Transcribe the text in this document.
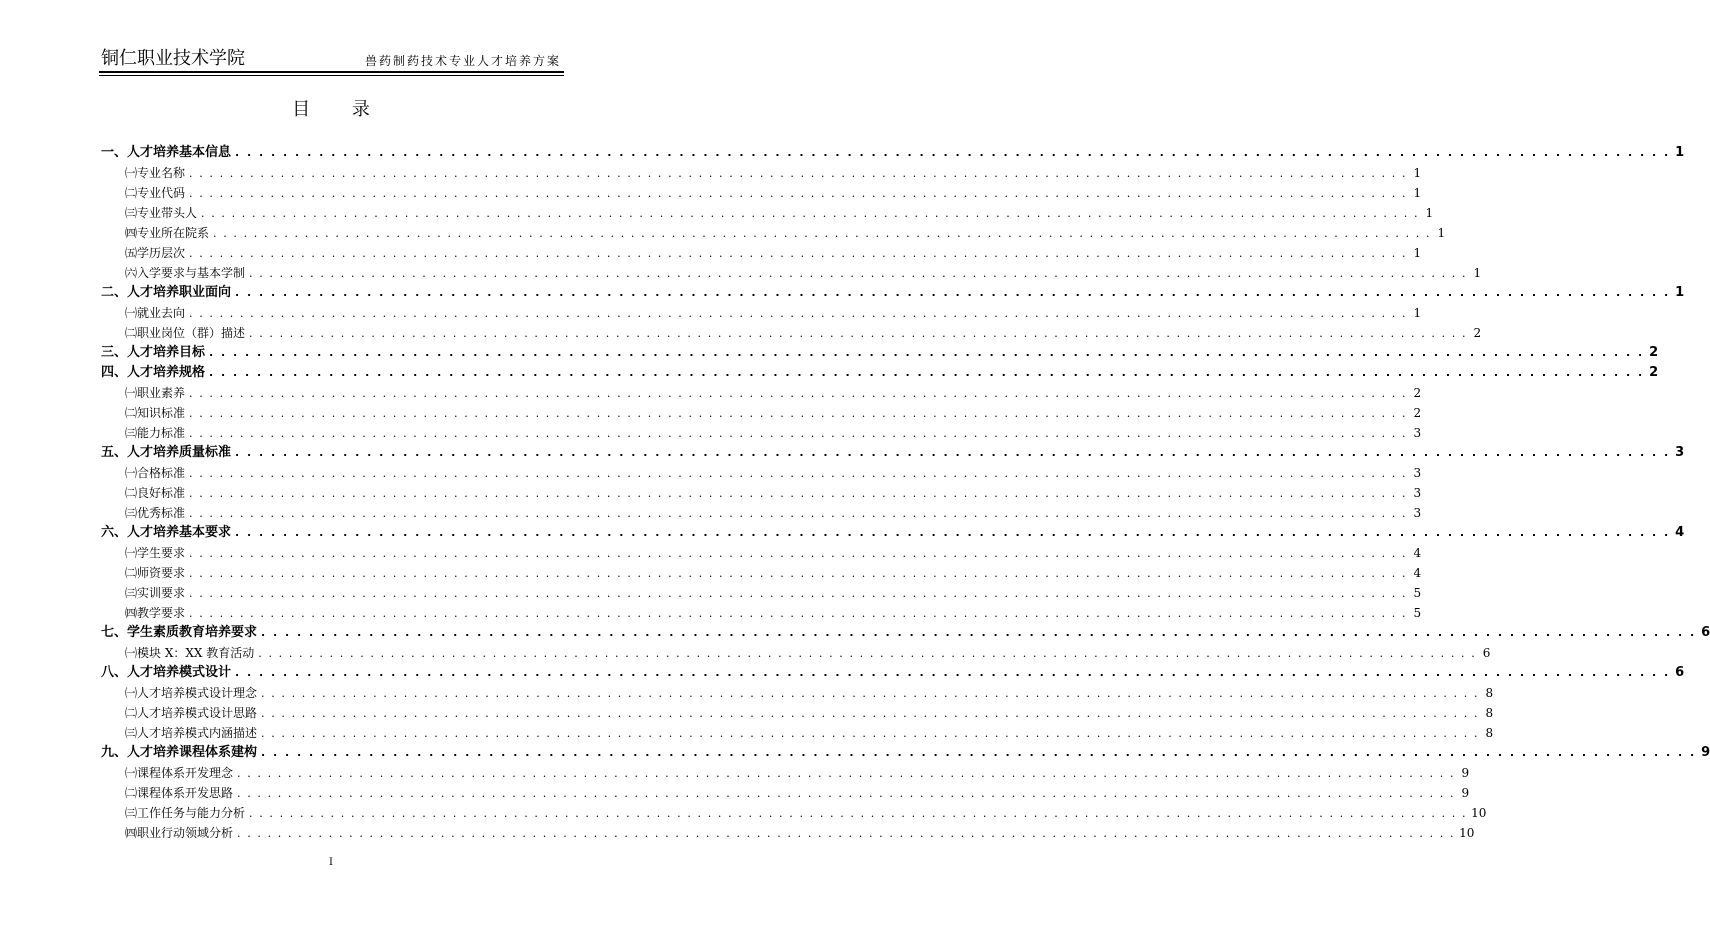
铜仁职业技术学院	兽药制药技术专业人才培养方案
目 录
一、人才培养基本信息 . . . . . . . . . . . . . . . . . . . . . . . . . . . . . . . . . . . . . . . . . . . . . . . . . . . . . . . . . . . . . . . . . . . . . . . . . . . . . . . . . . . . . . . . . . . . . . . . . . . . . . . . . . . . . . . . . . . . . . . . 1
㈠专业名称 . . . . . . . . . . . . . . . . . . . . . . . . . . . . . . . . . . . . . . . . . . . . . . . . . . . . . . . . . . . . . . . . . . . . . . . . . . . . . . . . . . . . . . . . . . . . . . . . . . . . . . . . . . . . . . . . . . . . . . . . 1
㈡专业代码 . . . . . . . . . . . . . . . . . . . . . . . . . . . . . . . . . . . . . . . . . . . . . . . . . . . . . . . . . . . . . . . . . . . . . . . . . . . . . . . . . . . . . . . . . . . . . . . . . . . . . . . . . . . . . . . . . . . . . . . . 1
㈢专业带头人 . . . . . . . . . . . . . . . . . . . . . . . . . . . . . . . . . . . . . . . . . . . . . . . . . . . . . . . . . . . . . . . . . . . . . . . . . . . . . . . . . . . . . . . . . . . . . . . . . . . . . . . . . . . . . . . . . . . . . . . . 1
㈣专业所在院系 . . . . . . . . . . . . . . . . . . . . . . . . . . . . . . . . . . . . . . . . . . . . . . . . . . . . . . . . . . . . . . . . . . . . . . . . . . . . . . . . . . . . . . . . . . . . . . . . . . . . . . . . . . . . . . . . . . . . . . . . 1
㈤学历层次 . . . . . . . . . . . . . . . . . . . . . . . . . . . . . . . . . . . . . . . . . . . . . . . . . . . . . . . . . . . . . . . . . . . . . . . . . . . . . . . . . . . . . . . . . . . . . . . . . . . . . . . . . . . . . . . . . . . . . . . . 1
㈥入学要求与基本学制 . . . . . . . . . . . . . . . . . . . . . . . . . . . . . . . . . . . . . . . . . . . . . . . . . . . . . . . . . . . . . . . . . . . . . . . . . . . . . . . . . . . . . . . . . . . . . . . . . . . . . . . . . . . . . . . . . . . . . . . . 1
二、人才培养职业面向 . . . . . . . . . . . . . . . . . . . . . . . . . . . . . . . . . . . . . . . . . . . . . . . . . . . . . . . . . . . . . . . . . . . . . . . . . . . . . . . . . . . . . . . . . . . . . . . . . . . . . . . . . . . . . . . . . . . . . . . . 1
㈠就业去向 . . . . . . . . . . . . . . . . . . . . . . . . . . . . . . . . . . . . . . . . . . . . . . . . . . . . . . . . . . . . . . . . . . . . . . . . . . . . . . . . . . . . . . . . . . . . . . . . . . . . . . . . . . . . . . . . . . . . . . . . 1
㈡职业岗位（群）描述 . . . . . . . . . . . . . . . . . . . . . . . . . . . . . . . . . . . . . . . . . . . . . . . . . . . . . . . . . . . . . . . . . . . . . . . . . . . . . . . . . . . . . . . . . . . . . . . . . . . . . . . . . . . . . . . . . . . . . . . . 2
三、人才培养目标 . . . . . . . . . . . . . . . . . . . . . . . . . . . . . . . . . . . . . . . . . . . . . . . . . . . . . . . . . . . . . . . . . . . . . . . . . . . . . . . . . . . . . . . . . . . . . . . . . . . . . . . . . . . . . . . . . . . . . . . . 2
四、人才培养规格 . . . . . . . . . . . . . . . . . . . . . . . . . . . . . . . . . . . . . . . . . . . . . . . . . . . . . . . . . . . . . . . . . . . . . . . . . . . . . . . . . . . . . . . . . . . . . . . . . . . . . . . . . . . . . . . . . . . . . . . . 2
㈠职业素养 . . . . . . . . . . . . . . . . . . . . . . . . . . . . . . . . . . . . . . . . . . . . . . . . . . . . . . . . . . . . . . . . . . . . . . . . . . . . . . . . . . . . . . . . . . . . . . . . . . . . . . . . . . . . . . . . . . . . . . . . 2
㈡知识标准 . . . . . . . . . . . . . . . . . . . . . . . . . . . . . . . . . . . . . . . . . . . . . . . . . . . . . . . . . . . . . . . . . . . . . . . . . . . . . . . . . . . . . . . . . . . . . . . . . . . . . . . . . . . . . . . . . . . . . . . . 2
㈢能力标准 . . . . . . . . . . . . . . . . . . . . . . . . . . . . . . . . . . . . . . . . . . . . . . . . . . . . . . . . . . . . . . . . . . . . . . . . . . . . . . . . . . . . . . . . . . . . . . . . . . . . . . . . . . . . . . . . . . . . . . . . 3
五、人才培养质量标准 . . . . . . . . . . . . . . . . . . . . . . . . . . . . . . . . . . . . . . . . . . . . . . . . . . . . . . . . . . . . . . . . . . . . . . . . . . . . . . . . . . . . . . . . . . . . . . . . . . . . . . . . . . . . . . . . . . . . . . . . 3
㈠合格标准 . . . . . . . . . . . . . . . . . . . . . . . . . . . . . . . . . . . . . . . . . . . . . . . . . . . . . . . . . . . . . . . . . . . . . . . . . . . . . . . . . . . . . . . . . . . . . . . . . . . . . . . . . . . . . . . . . . . . . . . . 3
㈡良好标准 . . . . . . . . . . . . . . . . . . . . . . . . . . . . . . . . . . . . . . . . . . . . . . . . . . . . . . . . . . . . . . . . . . . . . . . . . . . . . . . . . . . . . . . . . . . . . . . . . . . . . . . . . . . . . . . . . . . . . . . . 3
㈢优秀标准 . . . . . . . . . . . . . . . . . . . . . . . . . . . . . . . . . . . . . . . . . . . . . . . . . . . . . . . . . . . . . . . . . . . . . . . . . . . . . . . . . . . . . . . . . . . . . . . . . . . . . . . . . . . . . . . . . . . . . . . . 3
六、人才培养基本要求 . . . . . . . . . . . . . . . . . . . . . . . . . . . . . . . . . . . . . . . . . . . . . . . . . . . . . . . . . . . . . . . . . . . . . . . . . . . . . . . . . . . . . . . . . . . . . . . . . . . . . . . . . . . . . . . . . . . . . . . . 4
㈠学生要求 . . . . . . . . . . . . . . . . . . . . . . . . . . . . . . . . . . . . . . . . . . . . . . . . . . . . . . . . . . . . . . . . . . . . . . . . . . . . . . . . . . . . . . . . . . . . . . . . . . . . . . . . . . . . . . . . . . . . . . . . 4
㈡师资要求 . . . . . . . . . . . . . . . . . . . . . . . . . . . . . . . . . . . . . . . . . . . . . . . . . . . . . . . . . . . . . . . . . . . . . . . . . . . . . . . . . . . . . . . . . . . . . . . . . . . . . . . . . . . . . . . . . . . . . . . . 4
㈢实训要求 . . . . . . . . . . . . . . . . . . . . . . . . . . . . . . . . . . . . . . . . . . . . . . . . . . . . . . . . . . . . . . . . . . . . . . . . . . . . . . . . . . . . . . . . . . . . . . . . . . . . . . . . . . . . . . . . . . . . . . . . 5
㈣教学要求 . . . . . . . . . . . . . . . . . . . . . . . . . . . . . . . . . . . . . . . . . . . . . . . . . . . . . . . . . . . . . . . . . . . . . . . . . . . . . . . . . . . . . . . . . . . . . . . . . . . . . . . . . . . . . . . . . . . . . . . . 5
七、学生素质教育培养要求 . . . . . . . . . . . . . . . . . . . . . . . . . . . . . . . . . . . . . . . . . . . . . . . . . . . . . . . . . . . . . . . . . . . . . . . . . . . . . . . . . . . . . . . . . . . . . . . . . . . . . . . . . . . . . . . . . . . . . . . . 6
㈠模块 X：XX 教育活动 . . . . . . . . . . . . . . . . . . . . . . . . . . . . . . . . . . . . . . . . . . . . . . . . . . . . . . . . . . . . . . . . . . . . . . . . . . . . . . . . . . . . . . . . . . . . . . . . . . . . . . . . . . . . . . . . . . . . . . . . 6
八、人才培养模式设计 . . . . . . . . . . . . . . . . . . . . . . . . . . . . . . . . . . . . . . . . . . . . . . . . . . . . . . . . . . . . . . . . . . . . . . . . . . . . . . . . . . . . . . . . . . . . . . . . . . . . . . . . . . . . . . . . . . . . . . . . 6
㈠人才培养模式设计理念 . . . . . . . . . . . . . . . . . . . . . . . . . . . . . . . . . . . . . . . . . . . . . . . . . . . . . . . . . . . . . . . . . . . . . . . . . . . . . . . . . . . . . . . . . . . . . . . . . . . . . . . . . . . . . . . . . . . . . . . . 8
㈡人才培养模式设计思路 . . . . . . . . . . . . . . . . . . . . . . . . . . . . . . . . . . . . . . . . . . . . . . . . . . . . . . . . . . . . . . . . . . . . . . . . . . . . . . . . . . . . . . . . . . . . . . . . . . . . . . . . . . . . . . . . . . . . . . . . 8
㈢人才培养模式内涵描述 . . . . . . . . . . . . . . . . . . . . . . . . . . . . . . . . . . . . . . . . . . . . . . . . . . . . . . . . . . . . . . . . . . . . . . . . . . . . . . . . . . . . . . . . . . . . . . . . . . . . . . . . . . . . . . . . . . . . . . . . 8
九、人才培养课程体系建构 . . . . . . . . . . . . . . . . . . . . . . . . . . . . . . . . . . . . . . . . . . . . . . . . . . . . . . . . . . . . . . . . . . . . . . . . . . . . . . . . . . . . . . . . . . . . . . . . . . . . . . . . . . . . . . . . . . . . . . . . 9
㈠课程体系开发理念 . . . . . . . . . . . . . . . . . . . . . . . . . . . . . . . . . . . . . . . . . . . . . . . . . . . . . . . . . . . . . . . . . . . . . . . . . . . . . . . . . . . . . . . . . . . . . . . . . . . . . . . . . . . . . . . . . . . . . . . . 9
㈡课程体系开发思路 . . . . . . . . . . . . . . . . . . . . . . . . . . . . . . . . . . . . . . . . . . . . . . . . . . . . . . . . . . . . . . . . . . . . . . . . . . . . . . . . . . . . . . . . . . . . . . . . . . . . . . . . . . . . . . . . . . . . . . . . 9
㈢工作任务与能力分析 . . . . . . . . . . . . . . . . . . . . . . . . . . . . . . . . . . . . . . . . . . . . . . . . . . . . . . . . . . . . . . . . . . . . . . . . . . . . . . . . . . . . . . . . . . . . . . . . . . . . . . . . . . . . . . . . . . . . . . . . 10
㈣职业行动领域分析 . . . . . . . . . . . . . . . . . . . . . . . . . . . . . . . . . . . . . . . . . . . . . . . . . . . . . . . . . . . . . . . . . . . . . . . . . . . . . . . . . . . . . . . . . . . . . . . . . . . . . . . . . . . . . . . . . . . . . . . . 10
I
